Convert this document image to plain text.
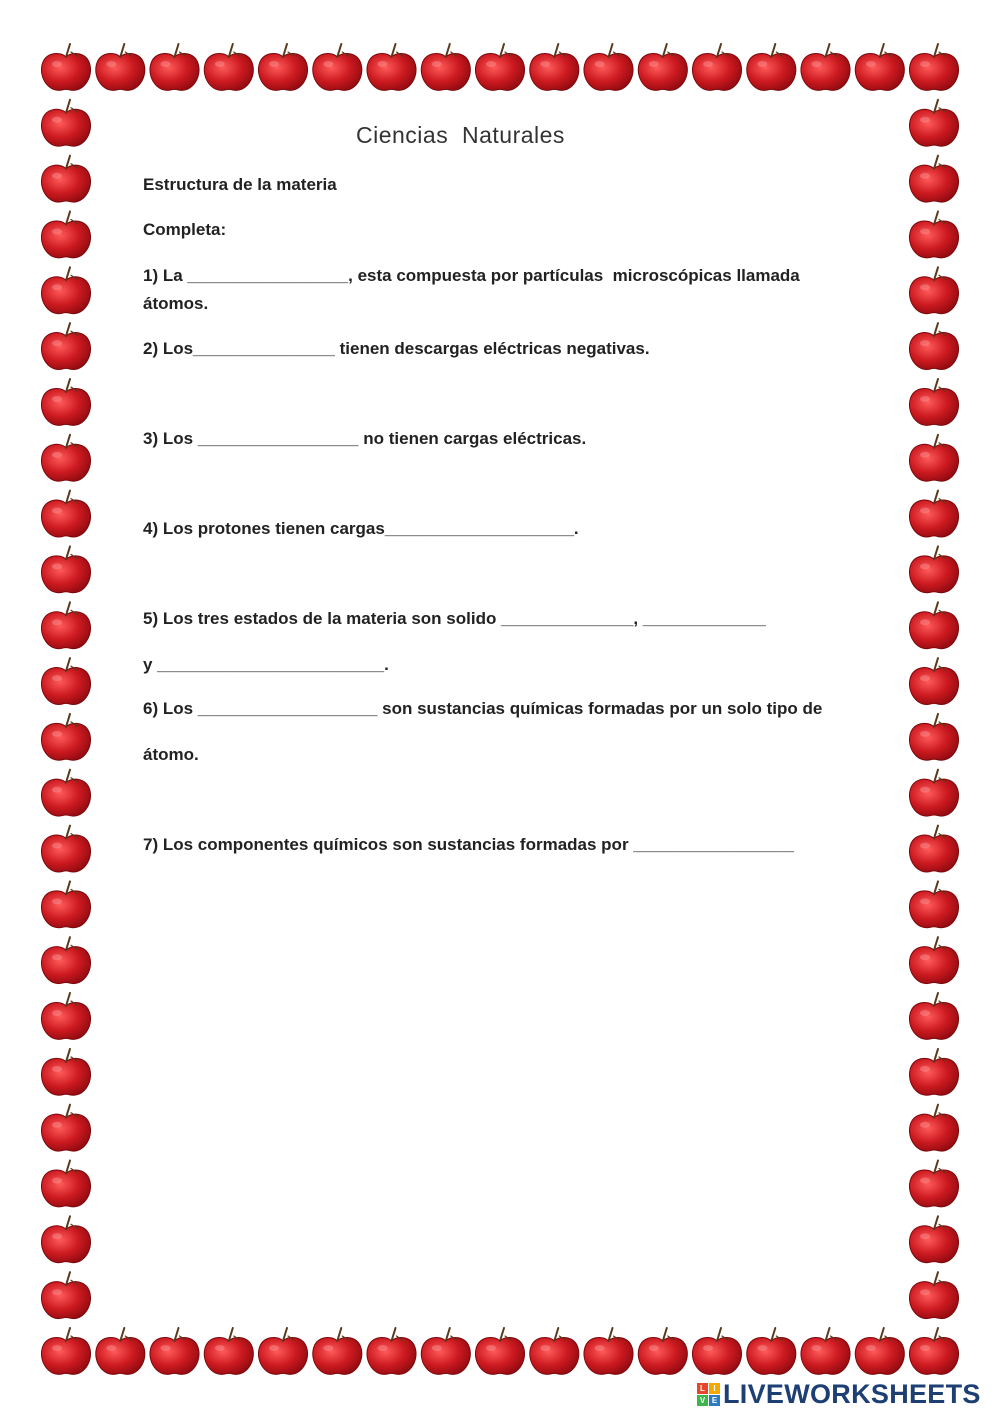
Ciencias  Naturales
Estructura de la materia
Completa:
1) La _________________, esta compuesta por partículas  microscópicas llamada
átomos.
2) Los_______________ tienen descargas eléctricas negativas.
3) Los _________________ no tienen cargas eléctricas.
4) Los protones tienen cargas____________________.
5) Los tres estados de la materia son solido ______________, _____________
y ________________________.
6) Los ___________________ son sustancias químicas formadas por un solo tipo de
átomo.
7) Los componentes químicos son sustancias formadas por _________________
L	I
V E LIVEWORKSHEETS
